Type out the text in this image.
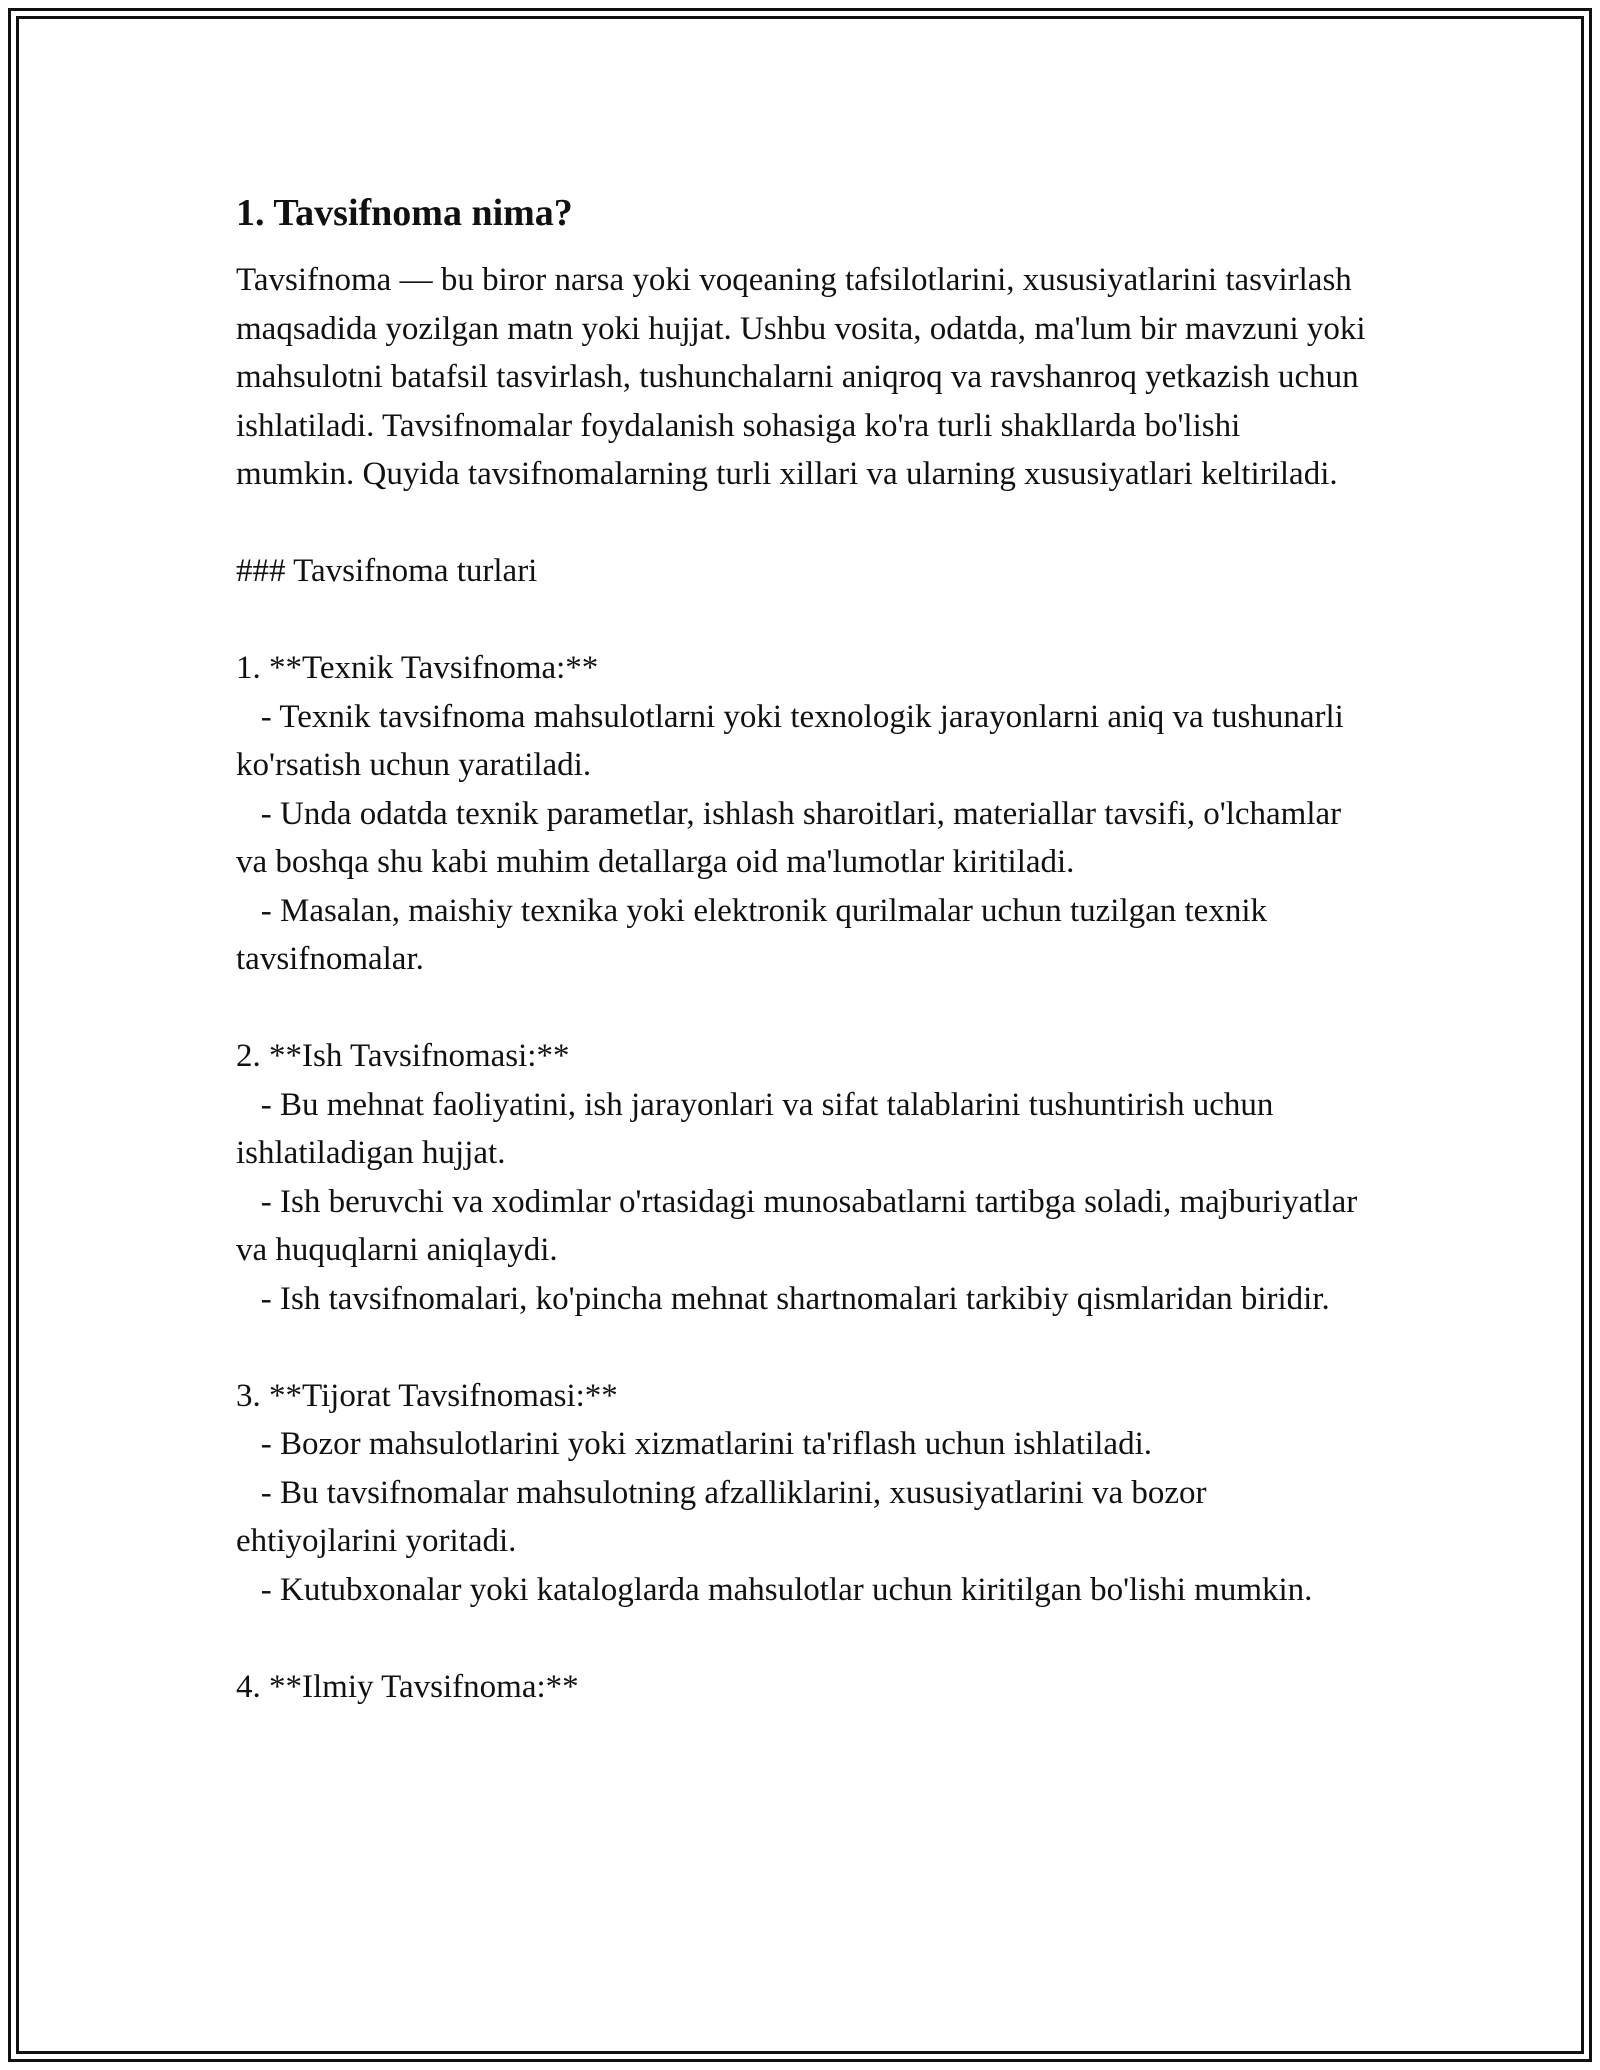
1. Tavsifnoma nima?

Tavsifnoma — bu biror narsa yoki voqeaning tafsilotlarini, xususiyatlarini tasvirlash maqsadida yozilgan matn yoki hujjat. Ushbu vosita, odatda, ma'lum bir mavzuni yoki mahsulotni batafsil tasvirlash, tushunchalarni aniqroq va ravshanroq yetkazish uchun ishlatiladi. Tavsifnomalar foydalanish sohasiga ko'ra turli shakllarda bo'lishi mumkin. Quyida tavsifnomalarning turli xillari va ularning xususiyatlari keltiriladi.

### Tavsifnoma turlari

1. **Texnik Tavsifnoma:**

- Texnik tavsifnoma mahsulotlarni yoki texnologik jarayonlarni aniq va tushunarli ko'rsatish uchun yaratiladi.

- Unda odatda texnik parametlar, ishlash sharoitlari, materiallar tavsifi, o'lchamlar va boshqa shu kabi muhim detallarga oid ma'lumotlar kiritiladi.

- Masalan, maishiy texnika yoki elektronik qurilmalar uchun tuzilgan texnik tavsifnomalar.

2. **Ish Tavsifnomasi:**

- Bu mehnat faoliyatini, ish jarayonlari va sifat talablarini tushuntirish uchun ishlatiladigan hujjat.

- Ish beruvchi va xodimlar o'rtasidagi munosabatlarni tartibga soladi, majburiyatlar va huquqlarni aniqlaydi.

- Ish tavsifnomalari, ko'pincha mehnat shartnomalari tarkibiy qismlaridan biridir.

3. **Tijorat Tavsifnomasi:**

- Bozor mahsulotlarini yoki xizmatlarini ta'riflash uchun ishlatiladi.

- Bu tavsifnomalar mahsulotning afzalliklarini, xususiyatlarini va bozor ehtiyojlarini yoritadi.

- Kutubxonalar yoki kataloglarda mahsulotlar uchun kiritilgan bo'lishi mumkin.

4. **Ilmiy Tavsifnoma:**
